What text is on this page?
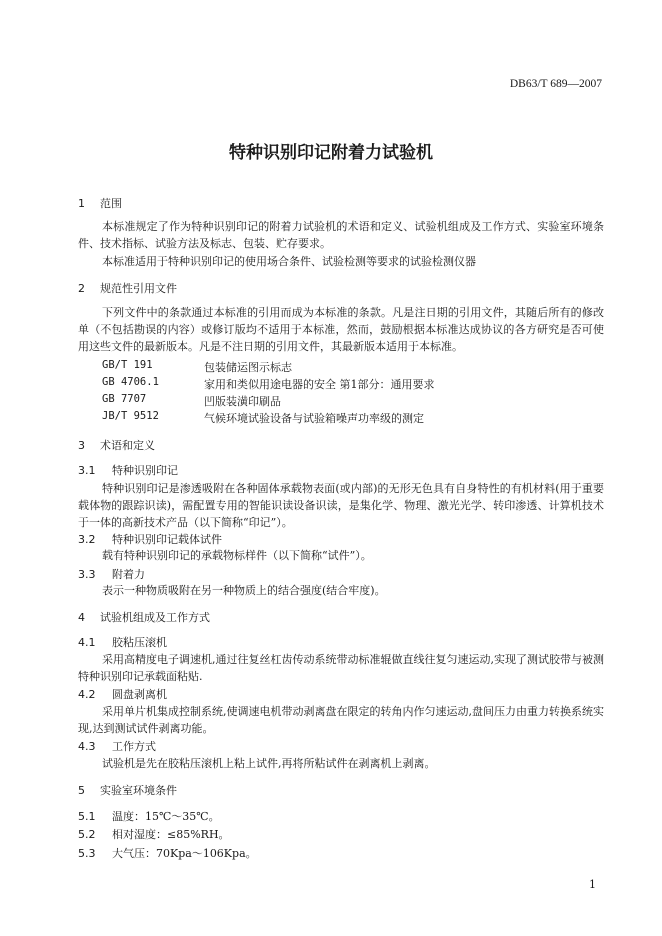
DB63/T 689—2007
特种识别印记附着力试验机
1 范围
本标准规定了作为特种识别印记的附着力试验机的术语和定义、试验机组成及工作方式、实验室环境条件、技术指标、试验方法及标志、包装、贮存要求。
本标准适用于特种识别印记的使用场合条件、试验检测等要求的试验检测仪器
2 规范性引用文件
下列文件中的条款通过本标准的引用而成为本标准的条款。凡是注日期的引用文件，其随后所有的修改单（不包括勘误的内容）或修订版均不适用于本标准，然而，鼓励根据本标准达成协议的各方研究是否可使用这些文件的最新版本。凡是不注日期的引用文件，其最新版本适用于本标准。
GB/T 191	包装储运图示标志
GB 4706.1	家用和类似用途电器的安全 第1部分：通用要求
GB 7707	凹版装潢印刷品
JB/T 9512	气候环境试验设备与试验箱噪声功率级的测定
3 术语和定义
3.1 特种识别印记
特种识别印记是渗透吸附在各种固体承载物表面(或内部)的无形无色具有自身特性的有机材料(用于重要载体物的跟踪识读)，需配置专用的智能识读设备识读，是集化学、物理、激光光学、转印渗透、计算机技术于一体的高新技术产品（以下简称“印记”）。
3.2 特种识别印记载体试件
载有特种识别印记的承载物标样件（以下简称“试件”）。
3.3 附着力
表示一种物质吸附在另一种物质上的结合强度(结合牢度)。
4 试验机组成及工作方式
4.1 胶粘压滚机
采用高精度电子调速机,通过往复丝杠齿传动系统带动标准辊做直线往复匀速运动,实现了测试胶带与被测特种识别印记承载面粘贴.
4.2 圆盘剥离机
采用单片机集成控制系统,使调速电机带动剥离盘在限定的转角内作匀速运动,盘间压力由重力转换系统实现,达到测试试件剥离功能。
4.3 工作方式
试验机是先在胶粘压滚机上粘上试件,再将所粘试件在剥离机上剥离。
5 实验室环境条件
5.1 温度：15℃～35℃。
5.2 相对湿度：≤85%RH。
5.3 大气压：70Kpa～106Kpa。
1
